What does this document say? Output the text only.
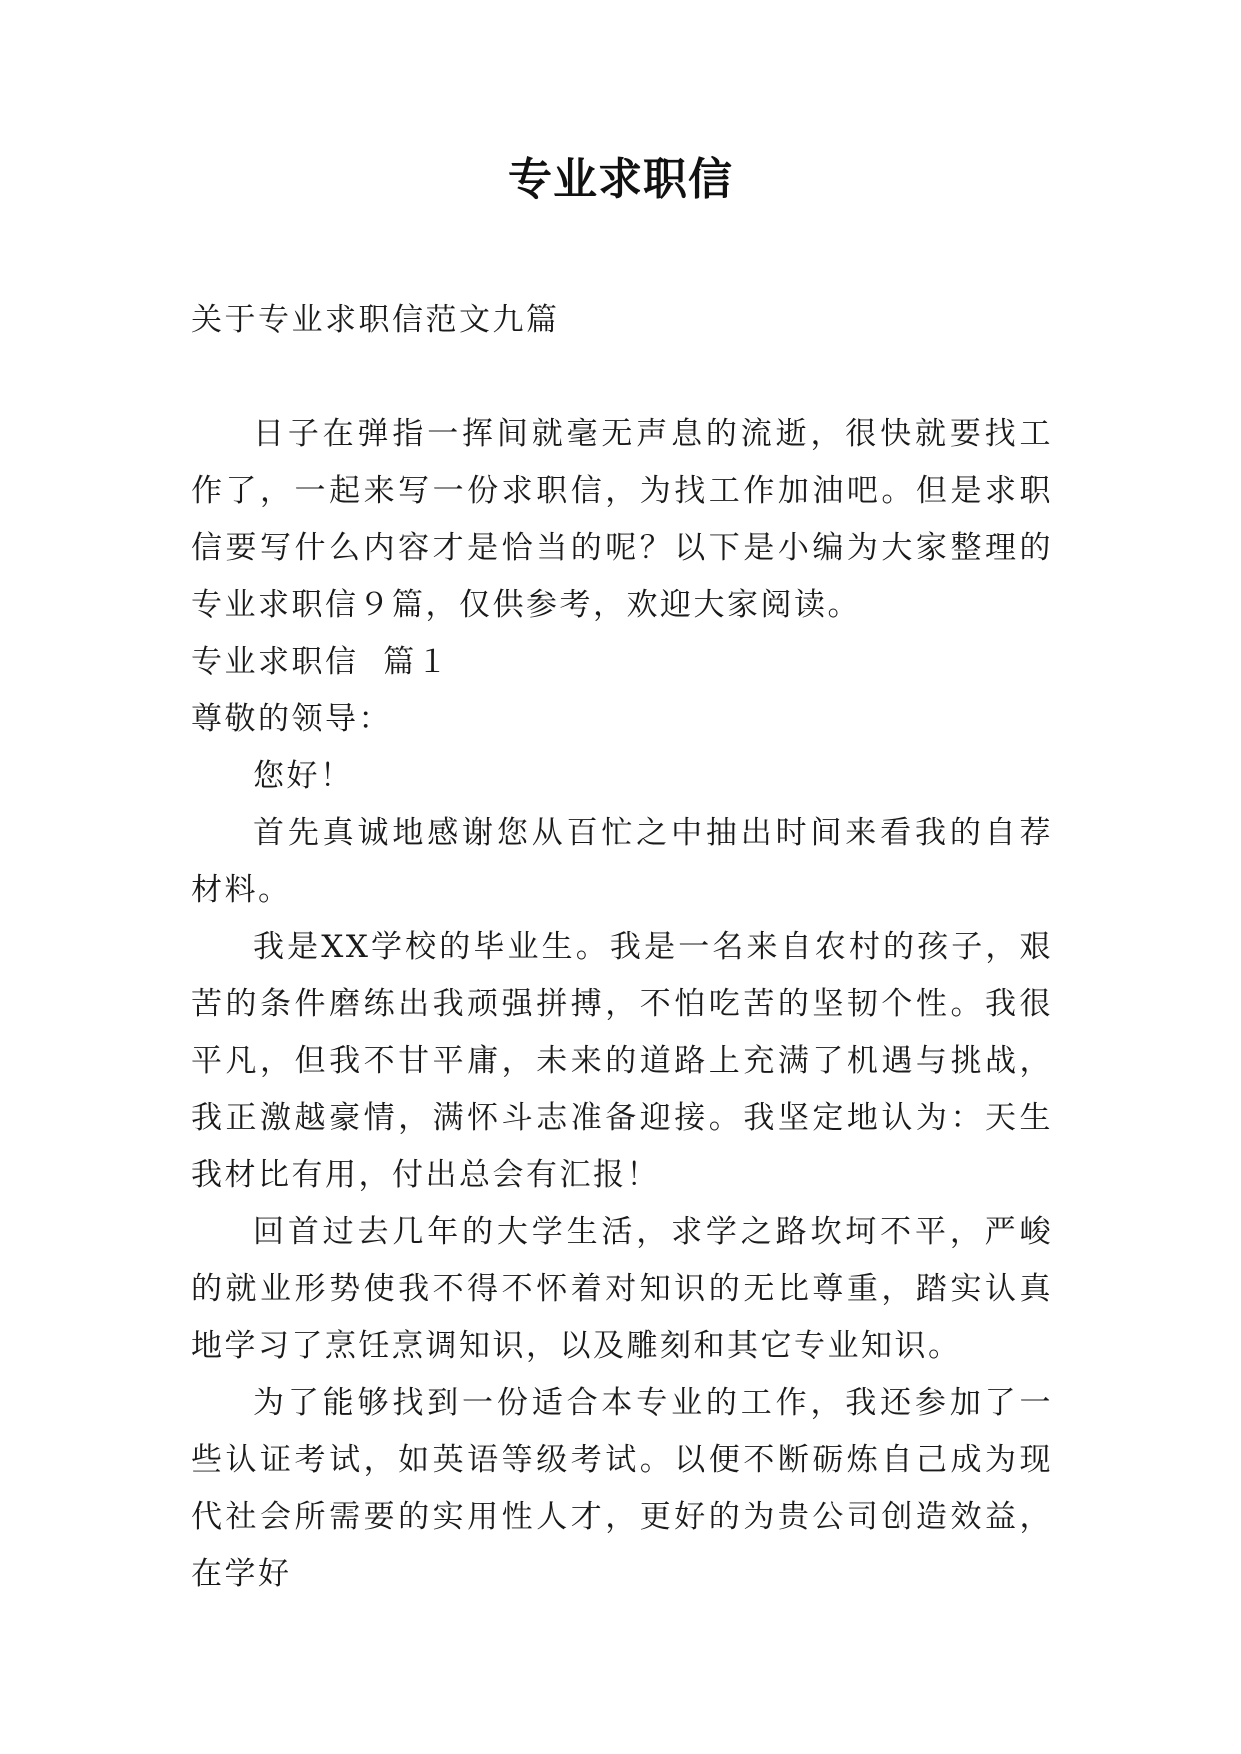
专业求职信

关于专业求职信范文九篇

日子在弹指一挥间就毫无声息的流逝，很快就要找工作了，一起来写一份求职信，为找工作加油吧。但是求职信要写什么内容才是恰当的呢？以下是小编为大家整理的专业求职信９篇，仅供参考，欢迎大家阅读。

专业求职信  篇１

尊敬的领导：

您好！

首先真诚地感谢您从百忙之中抽出时间来看我的自荐材料。

我是XX学校的毕业生。我是一名来自农村的孩子，艰苦的条件磨练出我顽强拼搏，不怕吃苦的坚韧个性。我很平凡，但我不甘平庸，未来的道路上充满了机遇与挑战，我正激越豪情，满怀斗志准备迎接。我坚定地认为：天生我材比有用，付出总会有汇报！

回首过去几年的大学生活，求学之路坎坷不平，严峻的就业形势使我不得不怀着对知识的无比尊重，踏实认真地学习了烹饪烹调知识，以及雕刻和其它专业知识。

为了能够找到一份适合本专业的工作，我还参加了一些认证考试，如英语等级考试。以便不断砺炼自己成为现代社会所需要的实用性人才，更好的为贵公司创造效益，在学好
